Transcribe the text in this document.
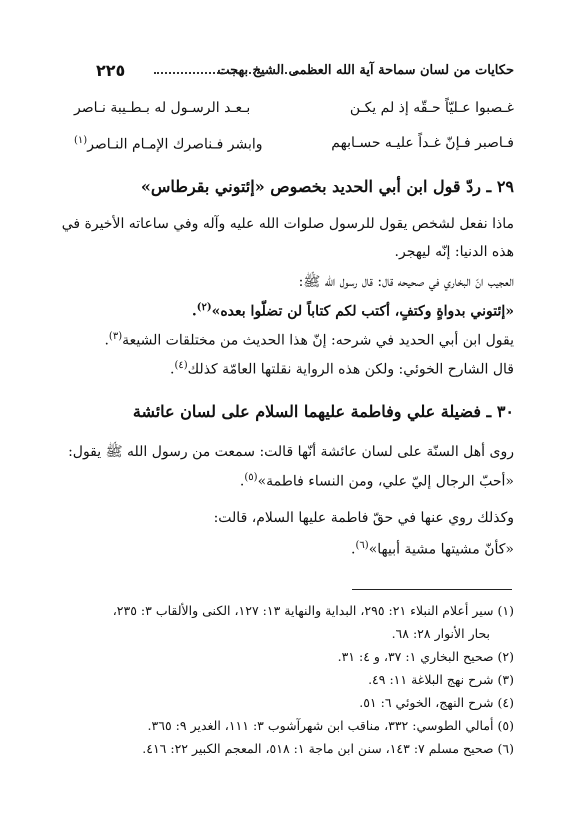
حكايات من لسان سماحة آية الله العظمى الشيخ بهجت
٢٢٥
غـصبوا عـليّاً حـقّه إذ لم يكـن
بـعـد الرسـول له بـطـيبة نـاصر
فـاصبر فـإنّ غـداً عليـه حسـابهم
وابشر فـناصرك الإمـام النـاصر$^{(١)}$
٢٩ ـ ردّ قول ابن أبي الحديد بخصوص «إئتوني بقرطاس»
ماذا نفعل لشخص يقول للرسول صلوات الله عليه وآله وفي ساعاته الأخيرة في
هذه الدنيا: إنّه ليهجر.
العجيب انّ البخاري في صحيحه قال: قال رسول الله ﷺ:
«إئتوني بدواةٍ وكتفٍ، أكتب لكم كتاباً لن تضلّوا بعده»$^{(٢)}$.
يقول ابن أبي الحديد في شرحه: إنّ هذا الحديث من مختلقات الشيعة$^{(٣)}$.
قال الشارح الخوئي: ولكن هذه الرواية نقلتها العامّة كذلك$^{(٤)}$.
٣٠ ـ فضيلة علي وفاطمة عليهما السلام على لسان عائشة
روى أهل السنّة على لسان عائشة أنّها قالت: سمعت من رسول الله ﷺ يقول:
«أحبّ الرجال إليّ علي، ومن النساء فاطمة»$^{(٥)}$.
وكذلك روي عنها في حقّ فاطمة عليها السلام، قالت:
«كأنّ مشيتها مشية أبيها»$^{(٦)}$.
(١) سير أعلام النبلاء ٢١: ٢٩٥، البداية والنهاية ١٣: ١٢٧، الكنى والألقاب ٣: ٢٣٥،
بحار الأنوار ٢٨: ٦٨.
(٢) صحيح البخاري ١: ٣٧، و ٤: ٣١.
(٣) شرح نهج البلاغة ١١: ٤٩.
(٤) شرح النهج، الخوئي ٦: ٥١.
(٥) أمالي الطوسي: ٣٣٢، مناقب ابن شهرآشوب ٣: ١١١، الغدير ٩: ٣٦٥.
(٦) صحيح مسلم ٧: ١٤٣، سنن ابن ماجة ١: ٥١٨، المعجم الكبير ٢٢: ٤١٦.
